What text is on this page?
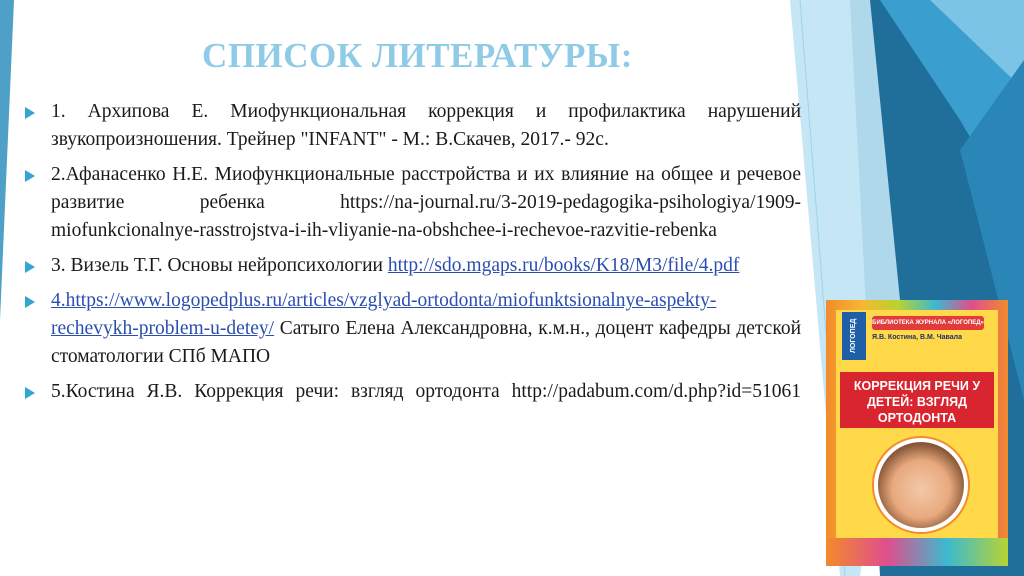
СПИСОК ЛИТЕРАТУРЫ:
1. Архипова Е. Миофункциональная коррекция и профилактика нарушений звукопроизношения. Трейнер "INFANT" - М.: В.Скачев, 2017.- 92с.
2.Афанасенко Н.Е. Миофункциональные расстройства и их влияние на общее и речевое развитие ребенка https://na-journal.ru/3-2019-pedagogika-psihologiya/1909-miofunkcionalnye-rasstrojstva-i-ih-vliyanie-na-obshchee-i-rechevoe-razvitie-rebenka
3. Визель Т.Г. Основы нейропсихологии http://sdo.mgaps.ru/books/K18/M3/file/4.pdf
4.https://www.logopedplus.ru/articles/vzglyad-ortodonta/miofunktsionalnye-aspekty-rechevykh-problem-u-detey/ Сатыго Елена Александровна, к.м.н., доцент кафедры детской стоматологии СПб МАПО
5.Костина Я.В. Коррекция речи: взгляд ортодонта http://padabum.com/d.php?id=51061
ЛОГОПЕД	БИБЛИОТЕКА ЖУРНАЛА «ЛОГОПЕД»
Я.В. Костина, В.М. Чавала
КОРРЕКЦИЯ РЕЧИ У ДЕТЕЙ: ВЗГЛЯД ОРТОДОНТА
